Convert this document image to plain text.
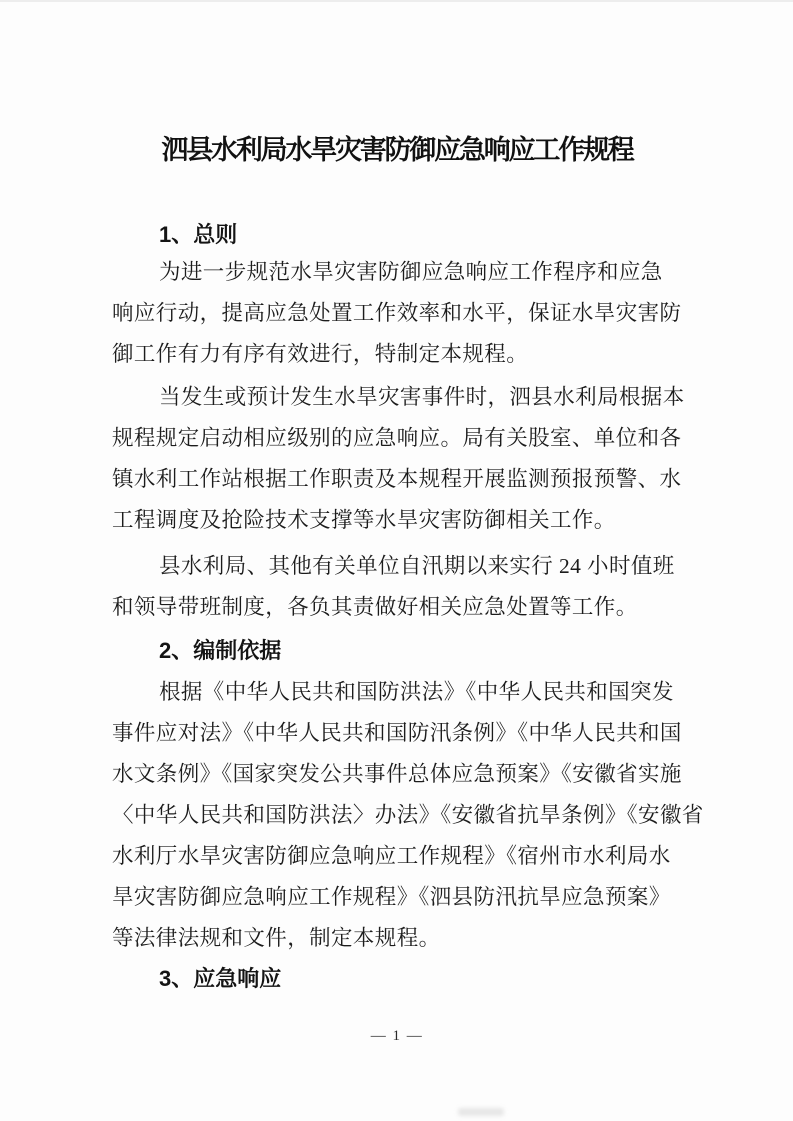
泗县水利局水旱灾害防御应急响应工作规程
1、总则
为进一步规范水旱灾害防御应急响应工作程序和应急
响应行动，提高应急处置工作效率和水平，保证水旱灾害防
御工作有力有序有效进行，特制定本规程。
当发生或预计发生水旱灾害事件时，泗县水利局根据本
规程规定启动相应级别的应急响应。局有关股室、单位和各
镇水利工作站根据工作职责及本规程开展监测预报预警、水
工程调度及抢险技术支撑等水旱灾害防御相关工作。
县水利局、其他有关单位自汛期以来实行 24 小时值班
和领导带班制度，各负其责做好相关应急处置等工作。
2、编制依据
根据《中华人民共和国防洪法》《中华人民共和国突发
事件应对法》《中华人民共和国防汛条例》《中华人民共和国
水文条例》《国家突发公共事件总体应急预案》《安徽省实施
〈中华人民共和国防洪法〉办法》《安徽省抗旱条例》《安徽省
水利厅水旱灾害防御应急响应工作规程》《宿州市水利局水
旱灾害防御应急响应工作规程》《泗县防汛抗旱应急预案》
等法律法规和文件，制定本规程。
3、应急响应
— 1 —
